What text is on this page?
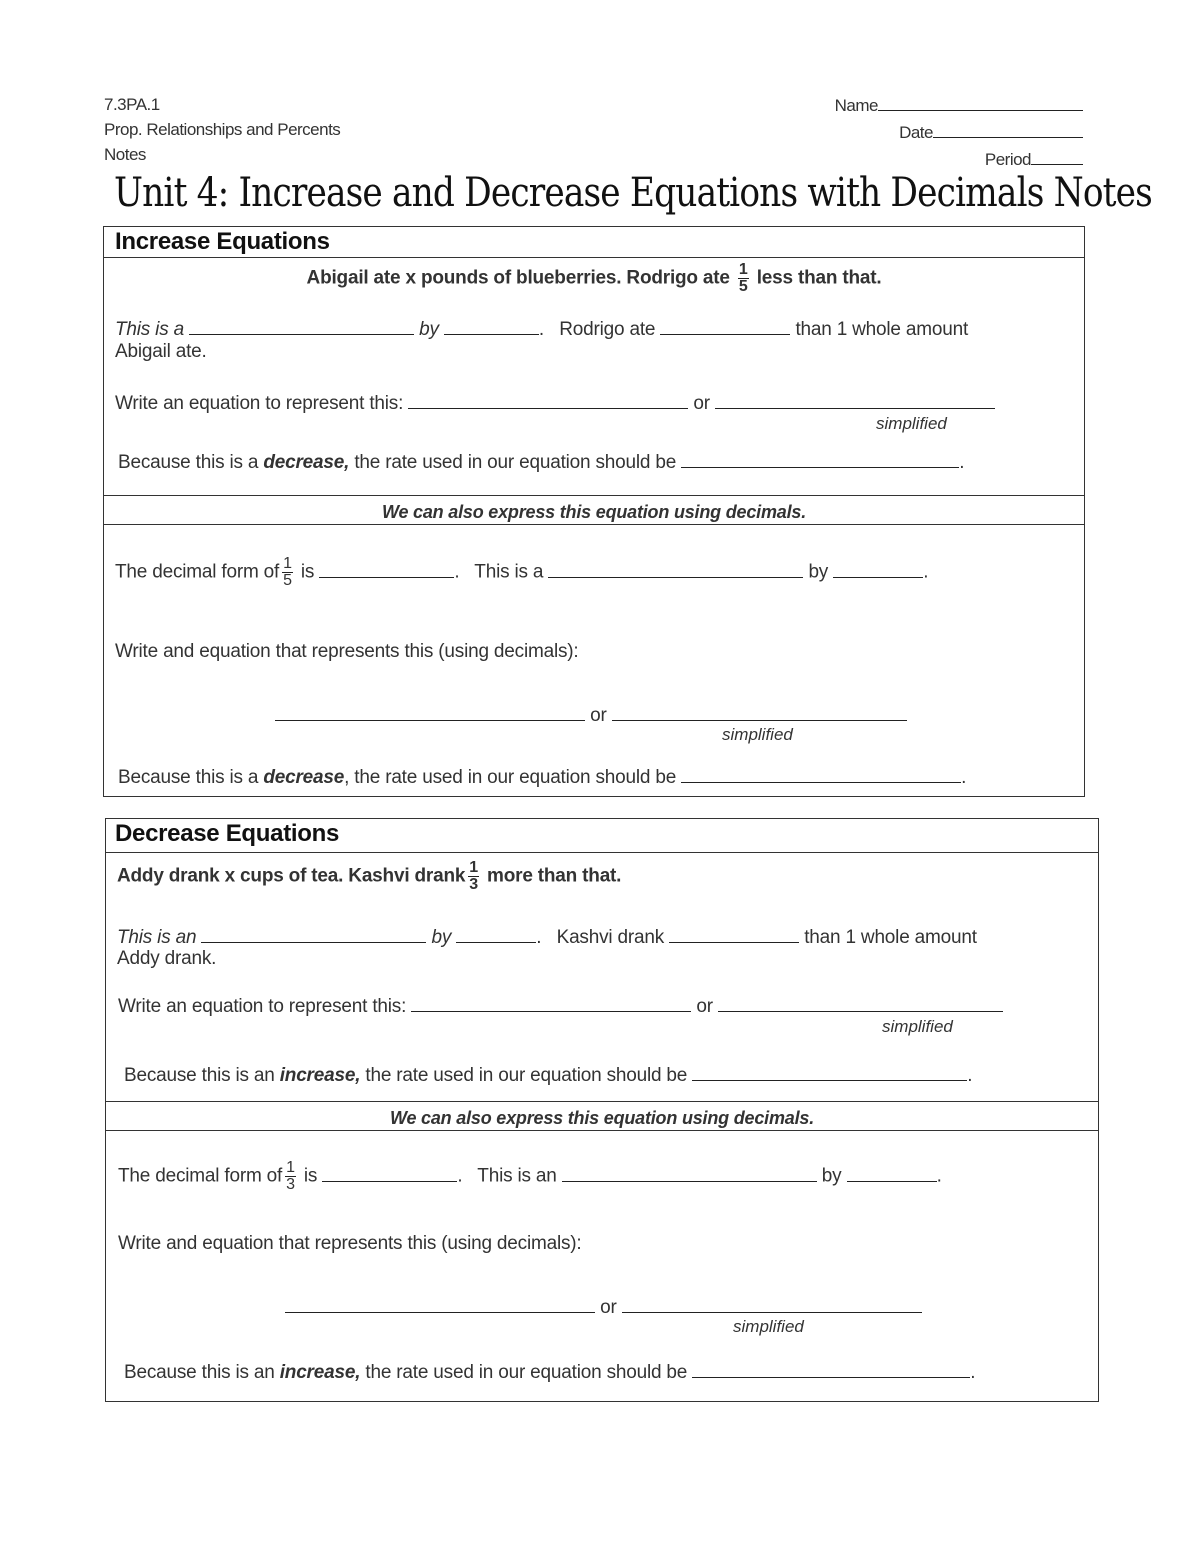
7.3PA.1
Prop. Relationships and Percents
Notes
Name
Date
Period
Unit 4: Increase and Decrease Equations with Decimals Notes
Increase Equations
Abigail ate x pounds of blueberries. Rodrigo ate $\frac{1}{5}$ less than that.
This is a	by	.   Rodrigo ate	than 1 whole amount
Abigail ate.
Write an equation to represent this:	or
simplified
Because this is a decrease, the rate used in our equation should be	.
We can also express this equation using decimals.
The decimal form of $\frac{1}{5}$ is	.   This is a	by	.
Write and equation that represents this (using decimals):
or
simplified
Because this is a decrease, the rate used in our equation should be	.
Decrease Equations
Addy drank x cups of tea. Kashvi drank $\frac{1}{3}$ more than that.
This is an	by	.   Kashvi drank	than 1 whole amount
Addy drank.
Write an equation to represent this:	or
simplified
Because this is an increase, the rate used in our equation should be	.
We can also express this equation using decimals.
The decimal form of $\frac{1}{3}$ is	.   This is an	by	.
Write and equation that represents this (using decimals):
or
simplified
Because this is an increase, the rate used in our equation should be	.
